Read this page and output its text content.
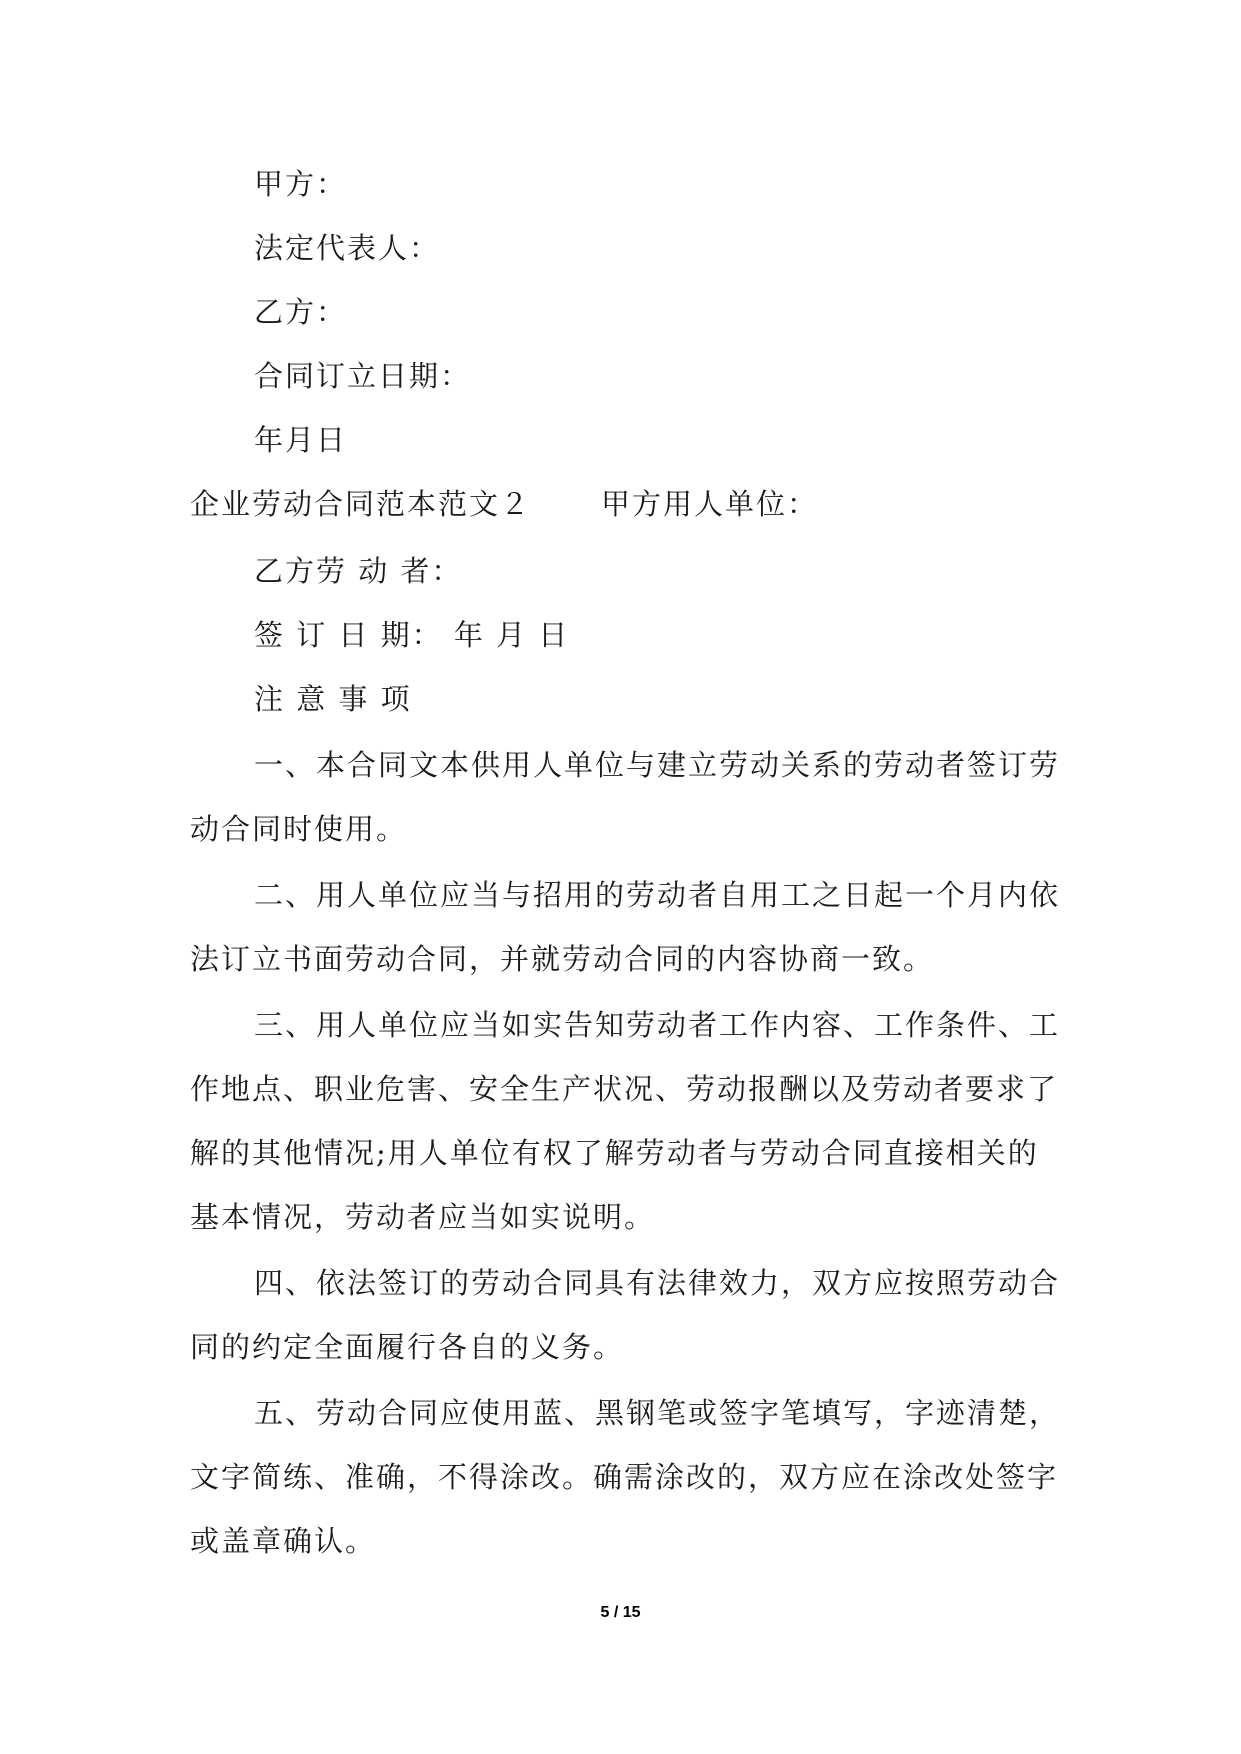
甲方：
法定代表人：
乙方：
合同订立日期：
年月日
企业劳动合同范本范文２ 甲方用人单位：
乙方劳 动 者：
签 订 日 期： 年 月 日
注 意 事 项
一、本合同文本供用人单位与建立劳动关系的劳动者签订劳
动合同时使用。
二、用人单位应当与招用的劳动者自用工之日起一个月内依
法订立书面劳动合同，并就劳动合同的内容协商一致。
三、用人单位应当如实告知劳动者工作内容、工作条件、工
作地点、职业危害、安全生产状况、劳动报酬以及劳动者要求了
解的其他情况;用人单位有权了解劳动者与劳动合同直接相关的
基本情况，劳动者应当如实说明。
四、依法签订的劳动合同具有法律效力，双方应按照劳动合
同的约定全面履行各自的义务。
五、劳动合同应使用蓝、黑钢笔或签字笔填写，字迹清楚，
文字简练、准确，不得涂改。确需涂改的，双方应在涂改处签字
或盖章确认。
5 / 15
